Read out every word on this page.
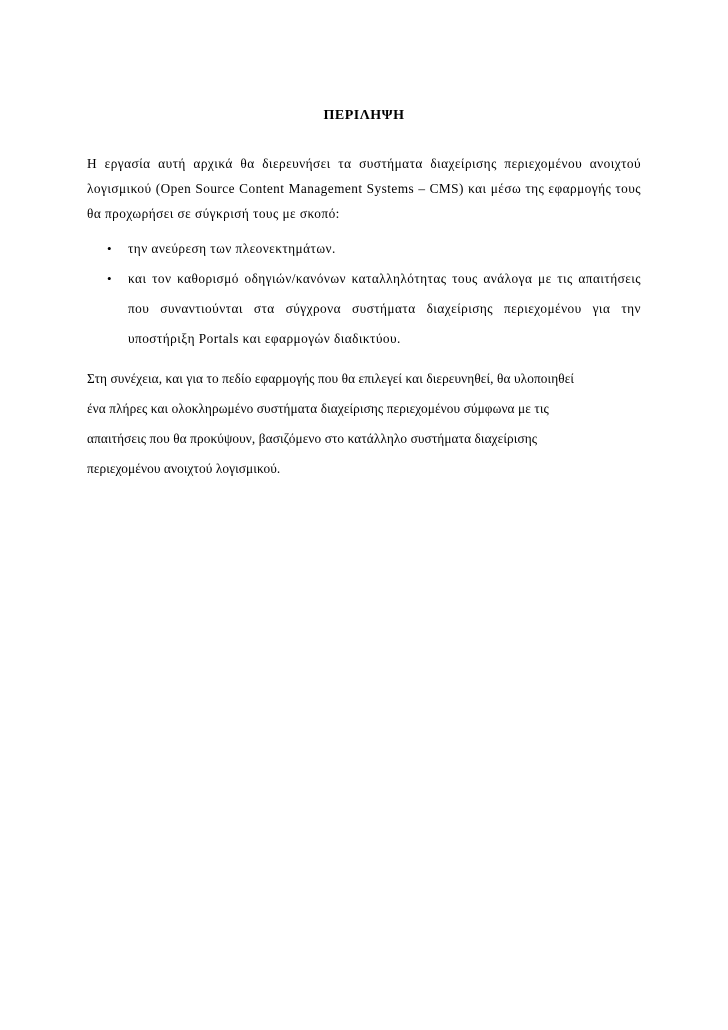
ΠΕΡΙΛΗΨΗ
Η εργασία αυτή αρχικά θα διερευνήσει τα συστήματα διαχείρισης περιεχομένου ανοιχτού λογισμικού (Open Source Content Management Systems – CMS) και μέσω της εφαρμογής τους θα προχωρήσει σε σύγκρισή τους με σκοπό:
• την ανεύρεση των πλεονεκτημάτων.
• και τον καθορισμό οδηγιών/κανόνων καταλληλότητας τους ανάλογα με τις απαιτήσεις που συναντιούνται στα σύγχρονα συστήματα διαχείρισης περιεχομένου για την υποστήριξη Portals και εφαρμογών διαδικτύου.
Στη συνέχεια, και για το πεδίο εφαρμογής που θα επιλεγεί και διερευνηθεί, θα υλοποιηθεί
ένα πλήρες και ολοκληρωμένο συστήματα διαχείρισης περιεχομένου σύμφωνα με τις
απαιτήσεις που θα προκύψουν, βασιζόμενο στο κατάλληλο συστήματα διαχείρισης
περιεχομένου ανοιχτού λογισμικού.
